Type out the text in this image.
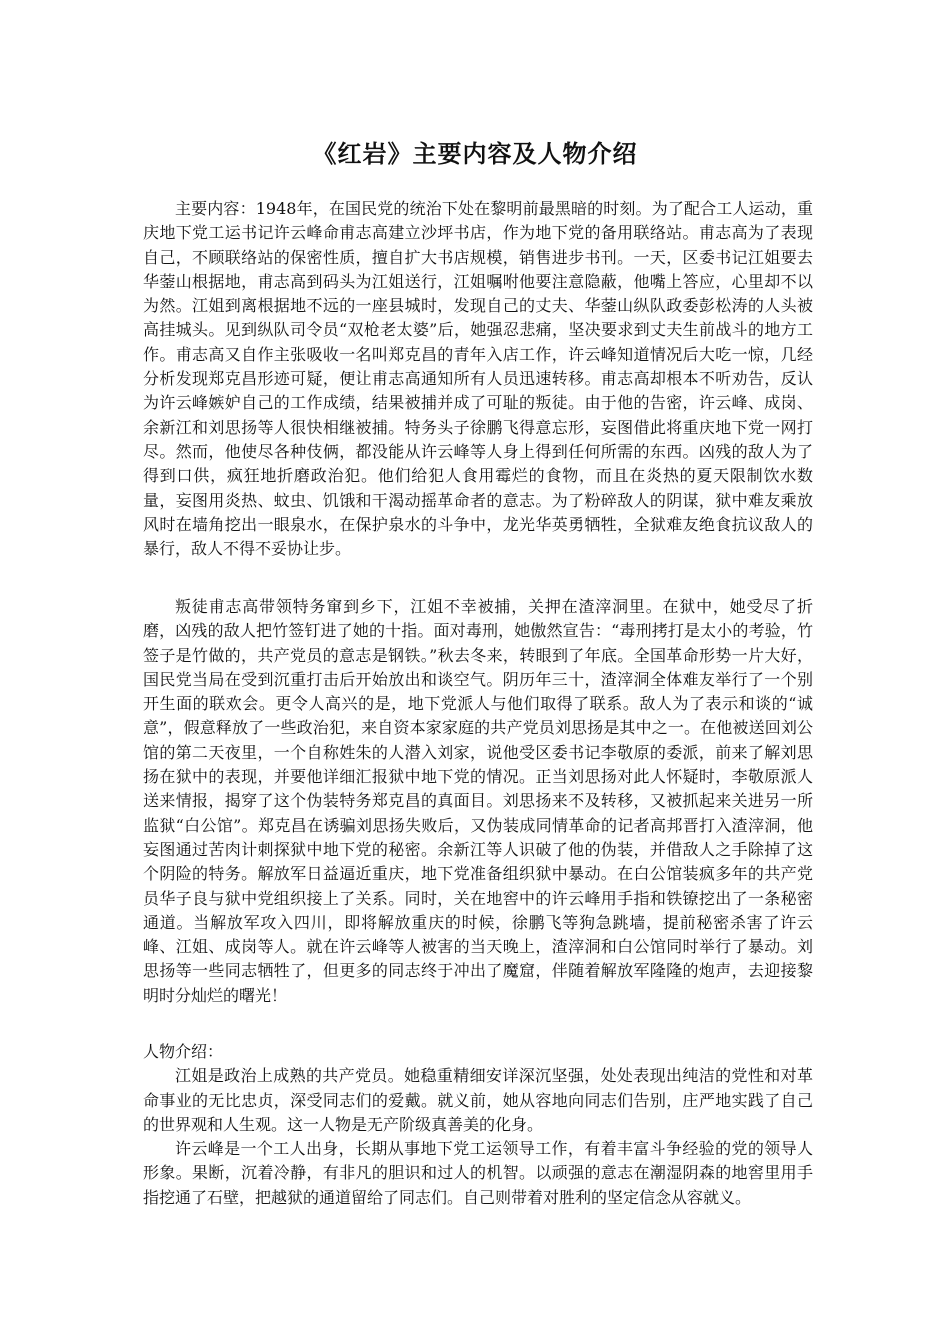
《红岩》主要内容及人物介绍

主要内容：1948年，在国民党的统治下处在黎明前最黑暗的时刻。为了配合工人运动，重庆地下党工运书记许云峰命甫志高建立沙坪书店，作为地下党的备用联络站。甫志高为了表现自己，不顾联络站的保密性质，擅自扩大书店规模，销售进步书刊。一天，区委书记江姐要去华蓥山根据地，甫志高到码头为江姐送行，江姐嘱咐他要注意隐蔽，他嘴上答应，心里却不以为然。江姐到离根据地不远的一座县城时，发现自己的丈夫、华蓥山纵队政委彭松涛的人头被高挂城头。见到纵队司令员“双枪老太婆”后，她强忍悲痛，坚决要求到丈夫生前战斗的地方工作。甫志高又自作主张吸收一名叫郑克昌的青年入店工作，许云峰知道情况后大吃一惊，几经分析发现郑克昌形迹可疑，便让甫志高通知所有人员迅速转移。甫志高却根本不听劝告，反认为许云峰嫉妒自己的工作成绩，结果被捕并成了可耻的叛徒。由于他的告密，许云峰、成岗、余新江和刘思扬等人很快相继被捕。特务头子徐鹏飞得意忘形，妄图借此将重庆地下党一网打尽。然而，他使尽各种伎俩，都没能从许云峰等人身上得到任何所需的东西。凶残的敌人为了得到口供，疯狂地折磨政治犯。他们给犯人食用霉烂的食物，而且在炎热的夏天限制饮水数量，妄图用炎热、蚊虫、饥饿和干渴动摇革命者的意志。为了粉碎敌人的阴谋，狱中难友乘放风时在墙角挖出一眼泉水，在保护泉水的斗争中，龙光华英勇牺牲，全狱难友绝食抗议敌人的暴行，敌人不得不妥协让步。

叛徒甫志高带领特务窜到乡下，江姐不幸被捕，关押在渣滓洞里。在狱中，她受尽了折磨，凶残的敌人把竹签钉进了她的十指。面对毒刑，她傲然宣告：“毒刑拷打是太小的考验，竹签子是竹做的，共产党员的意志是钢铁。”秋去冬来，转眼到了年底。全国革命形势一片大好，国民党当局在受到沉重打击后开始放出和谈空气。阴历年三十，渣滓洞全体难友举行了一个别开生面的联欢会。更令人高兴的是，地下党派人与他们取得了联系。敌人为了表示和谈的“诚意”，假意释放了一些政治犯，来自资本家家庭的共产党员刘思扬是其中之一。在他被送回刘公馆的第二天夜里，一个自称姓朱的人潜入刘家，说他受区委书记李敬原的委派，前来了解刘思扬在狱中的表现，并要他详细汇报狱中地下党的情况。正当刘思扬对此人怀疑时，李敬原派人送来情报，揭穿了这个伪装特务郑克昌的真面目。刘思扬来不及转移，又被抓起来关进另一所监狱“白公馆”。郑克昌在诱骗刘思扬失败后，又伪装成同情革命的记者高邦晋打入渣滓洞，他妄图通过苦肉计刺探狱中地下党的秘密。余新江等人识破了他的伪装，并借敌人之手除掉了这个阴险的特务。解放军日益逼近重庆，地下党准备组织狱中暴动。在白公馆装疯多年的共产党员华子良与狱中党组织接上了关系。同时，关在地窖中的许云峰用手指和铁镣挖出了一条秘密通道。当解放军攻入四川，即将解放重庆的时候，徐鹏飞等狗急跳墙，提前秘密杀害了许云峰、江姐、成岗等人。就在许云峰等人被害的当天晚上，渣滓洞和白公馆同时举行了暴动。刘思扬等一些同志牺牲了，但更多的同志终于冲出了魔窟，伴随着解放军隆隆的炮声，去迎接黎明时分灿烂的曙光！

人物介绍：

江姐是政治上成熟的共产党员。她稳重精细安详深沉坚强，处处表现出纯洁的党性和对革命事业的无比忠贞，深受同志们的爱戴。就义前，她从容地向同志们告别，庄严地实践了自己的世界观和人生观。这一人物是无产阶级真善美的化身。

许云峰是一个工人出身，长期从事地下党工运领导工作，有着丰富斗争经验的党的领导人形象。果断，沉着冷静，有非凡的胆识和过人的机智。以顽强的意志在潮湿阴森的地窖里用手指挖通了石壁，把越狱的通道留给了同志们。自己则带着对胜利的坚定信念从容就义。
